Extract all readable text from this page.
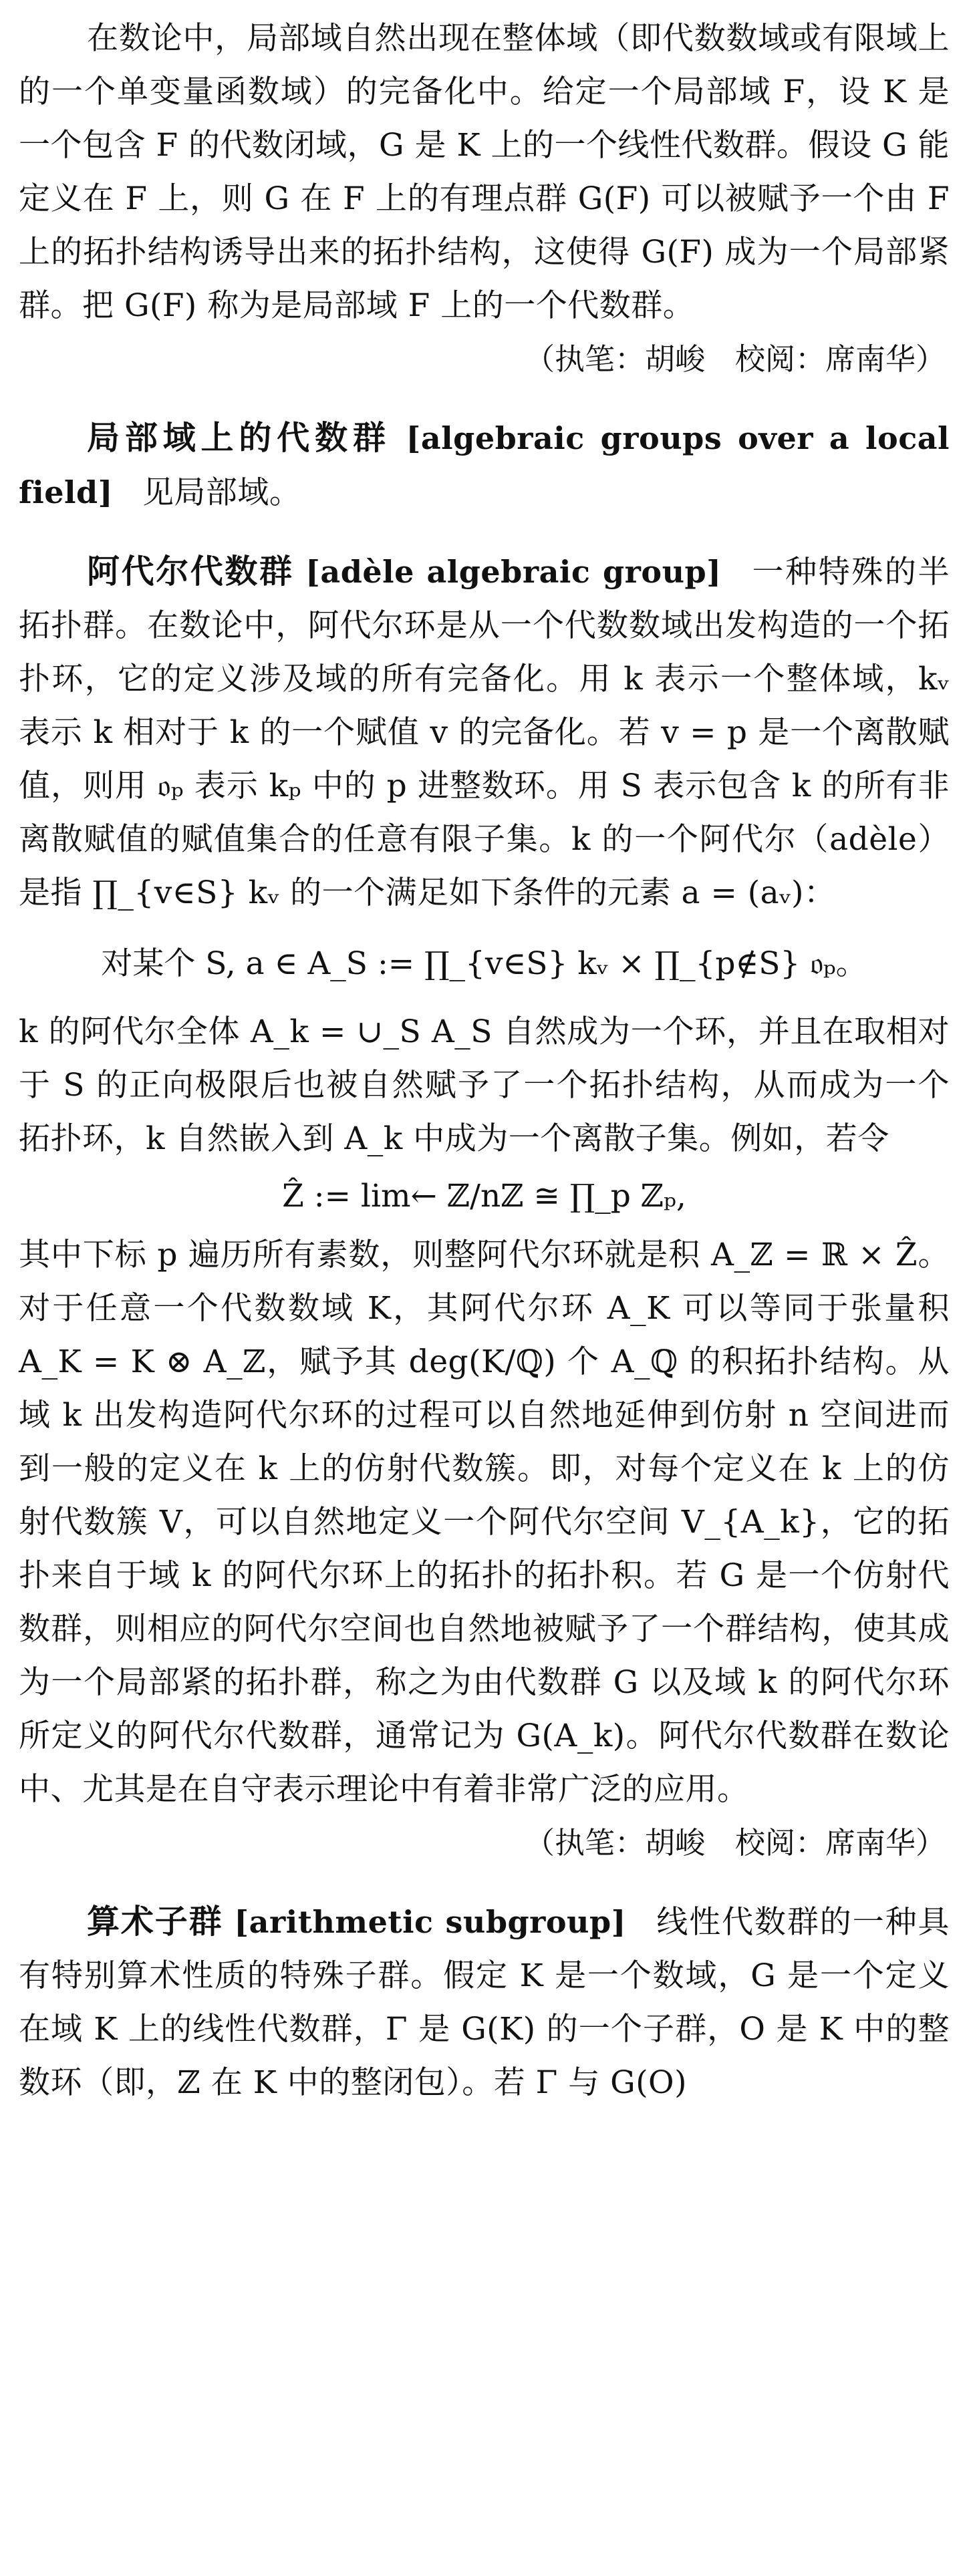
在数论中，局部域自然出现在整体域（即代数数域或有限域上的一个单变量函数域）的完备化中。给定一个局部域 F，设 K 是一个包含 F 的代数闭域，G 是 K 上的一个线性代数群。假设 G 能定义在 F 上，则 G 在 F 上的有理点群 G(F) 可以被赋予一个由 F 上的拓扑结构诱导出来的拓扑结构，这使得 G(F) 成为一个局部紧群。把 G(F) 称为是局部域 F 上的一个代数群。

（执笔：胡峻　校阅：席南华）

局部域上的代数群 [algebraic groups over a local field] 见局部域。

阿代尔代数群 [adèle algebraic group] 一种特殊的半拓扑群。在数论中，阿代尔环是从一个代数数域出发构造的一个拓扑环，它的定义涉及域的所有完备化。用 k 表示一个整体域，kᵥ 表示 k 相对于 k 的一个赋值 v 的完备化。若 v = p 是一个离散赋值，则用 𝔬ₚ 表示 kₚ 中的 p 进整数环。用 S 表示包含 k 的所有非离散赋值的赋值集合的任意有限子集。k 的一个阿代尔（adèle）是指 ∏_{v∈S} kᵥ 的一个满足如下条件的元素 a = (aᵥ)：

对某个 S, a ∈ A_S := ∏_{v∈S} kᵥ × ∏_{p∉S} 𝔬ₚ。

k 的阿代尔全体 A_k = ∪_S A_S 自然成为一个环，并且在取相对于 S 的正向极限后也被自然赋予了一个拓扑结构，从而成为一个拓扑环，k 自然嵌入到 A_k 中成为一个离散子集。例如，若令

Ẑ := lim← ℤ/nℤ ≅ ∏_p ℤₚ,

其中下标 p 遍历所有素数，则整阿代尔环就是积 A_ℤ = ℝ × Ẑ。对于任意一个代数数域 K，其阿代尔环 A_K 可以等同于张量积 A_K = K ⊗ A_ℤ，赋予其 deg(K/ℚ) 个 A_ℚ 的积拓扑结构。从域 k 出发构造阿代尔环的过程可以自然地延伸到仿射 n 空间进而到一般的定义在 k 上的仿射代数簇。即，对每个定义在 k 上的仿射代数簇 V，可以自然地定义一个阿代尔空间 V_{A_k}，它的拓扑来自于域 k 的阿代尔环上的拓扑的拓扑积。若 G 是一个仿射代数群，则相应的阿代尔空间也自然地被赋予了一个群结构，使其成为一个局部紧的拓扑群，称之为由代数群 G 以及域 k 的阿代尔环所定义的阿代尔代数群，通常记为 G(A_k)。阿代尔代数群在数论中、尤其是在自守表示理论中有着非常广泛的应用。

（执笔：胡峻　校阅：席南华）

算术子群 [arithmetic subgroup] 线性代数群的一种具有特别算术性质的特殊子群。假定 K 是一个数域，G 是一个定义在域 K 上的线性代数群，Γ 是 G(K) 的一个子群，O 是 K 中的整数环（即，ℤ 在 K 中的整闭包）。若 Γ 与 G(O)
